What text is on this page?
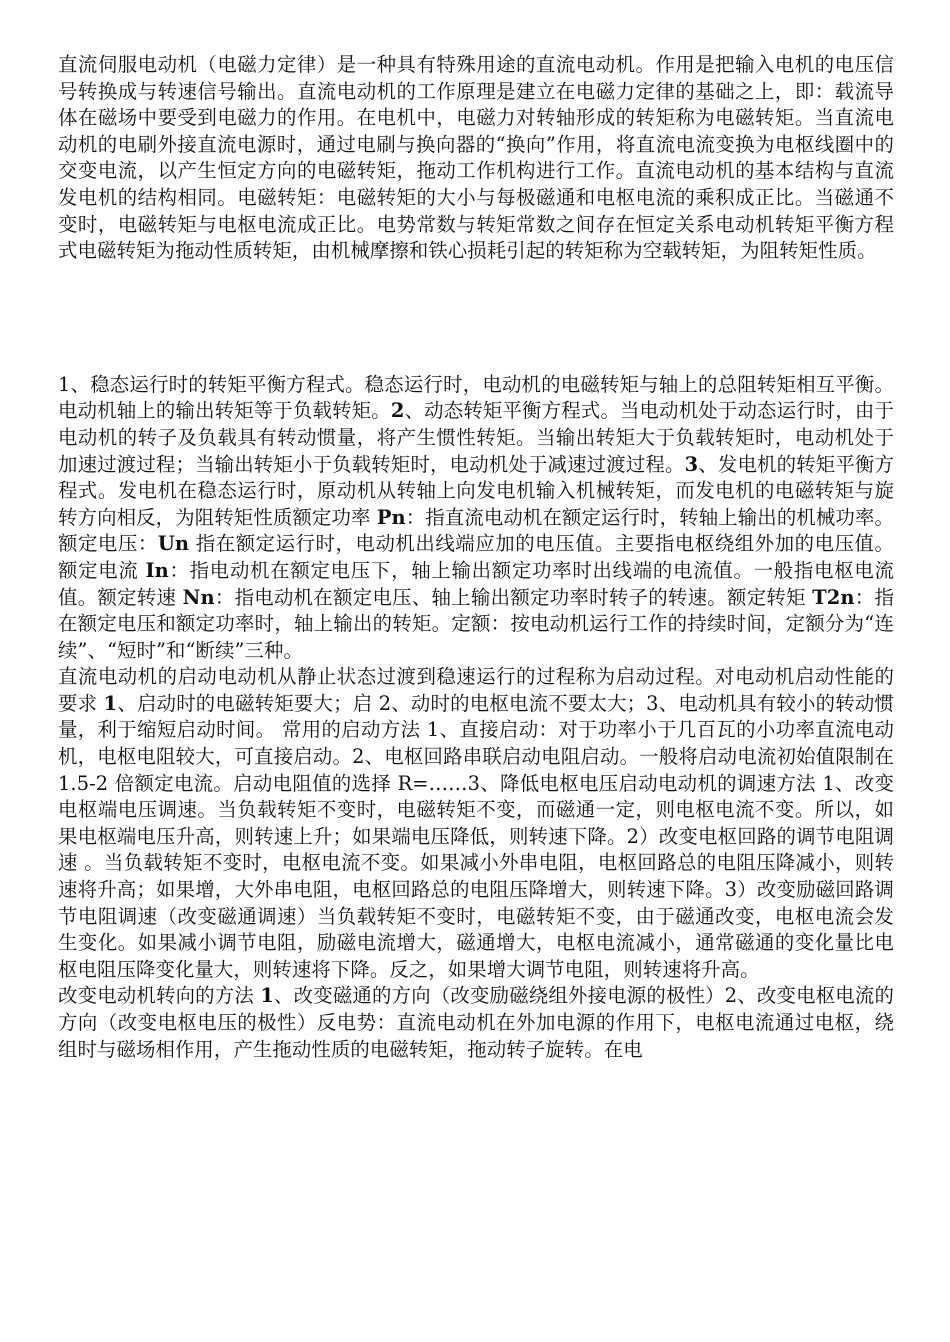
直流伺服电动机（电磁力定律）是一种具有特殊用途的直流电动机。作用是把输入电机的电压信号转换成与转速信号输出。直流电动机的工作原理是建立在电磁力定律的基础之上，即：载流导体在磁场中要受到电磁力的作用。在电机中，电磁力对转轴形成的转矩称为电磁转矩。当直流电动机的电刷外接直流电源时，通过电刷与换向器的“换向”作用，将直流电流变换为电枢线圈中的交变电流，以产生恒定方向的电磁转矩，拖动工作机构进行工作。直流电动机的基本结构与直流发电机的结构相同。电磁转矩：电磁转矩的大小与每极磁通和电枢电流的乘积成正比。当磁通不变时，电磁转矩与电枢电流成正比。电势常数与转矩常数之间存在恒定关系电动机转矩平衡方程式电磁转矩为拖动性质转矩，由机械摩擦和铁心损耗引起的转矩称为空载转矩，为阻转矩性质。

1、稳态运行时的转矩平衡方程式。稳态运行时，电动机的电磁转矩与轴上的总阻转矩相互平衡。电动机轴上的输出转矩等于负载转矩。2、动态转矩平衡方程式。当电动机处于动态运行时，由于电动机的转子及负载具有转动惯量，将产生惯性转矩。当输出转矩大于负载转矩时，电动机处于加速过渡过程；当输出转矩小于负载转矩时，电动机处于减速过渡过程。3、发电机的转矩平衡方程式。发电机在稳态运行时，原动机从转轴上向发电机输入机械转矩，而发电机的电磁转矩与旋转方向相反，为阻转矩性质额定功率 Pn：指直流电动机在额定运行时，转轴上输出的机械功率。额定电压：Un 指在额定运行时，电动机出线端应加的电压值。主要指电枢绕组外加的电压值。额定电流 In：指电动机在额定电压下，轴上输出额定功率时出线端的电流值。一般指电枢电流值。额定转速 Nn：指电动机在额定电压、轴上输出额定功率时转子的转速。额定转矩 T2n：指在额定电压和额定功率时，轴上输出的转矩。定额：按电动机运行工作的持续时间，定额分为“连续”、“短时”和“断续”三种。

直流电动机的启动电动机从静止状态过渡到稳速运行的过程称为启动过程。对电动机启动性能的要求 1、启动时的电磁转矩要大；启 2、动时的电枢电流不要太大；3、电动机具有较小的转动惯量，利于缩短启动时间。 常用的启动方法 1、直接启动：对于功率小于几百瓦的小功率直流电动机，电枢电阻较大，可直接启动。2、电枢回路串联启动电阻启动。一般将启动电流初始值限制在 1.5-2 倍额定电流。启动电阻值的选择 R=……3、降低电枢电压启动电动机的调速方法 1、改变电枢端电压调速。当负载转矩不变时，电磁转矩不变，而磁通一定，则电枢电流不变。所以，如果电枢端电压升高，则转速上升；如果端电压降低，则转速下降。2）改变电枢回路的调节电阻调速 。当负载转矩不变时，电枢电流不变。如果减小外串电阻，电枢回路总的电阻压降减小，则转速将升高；如果增，大外串电阻，电枢回路总的电阻压降增大，则转速下降。3）改变励磁回路调节电阻调速（改变磁通调速）当负载转矩不变时，电磁转矩不变，由于磁通改变，电枢电流会发生变化。如果减小调节电阻，励磁电流增大，磁通增大，电枢电流减小，通常磁通的变化量比电枢电阻压降变化量大，则转速将下降。反之，如果增大调节电阻，则转速将升高。

改变电动机转向的方法 1、改变磁通的方向（改变励磁绕组外接电源的极性）2、改变电枢电流的方向（改变电枢电压的极性）反电势：直流电动机在外加电源的作用下，电枢电流通过电枢，绕组时与磁场相作用，产生拖动性质的电磁转矩，拖动转子旋转。在电
